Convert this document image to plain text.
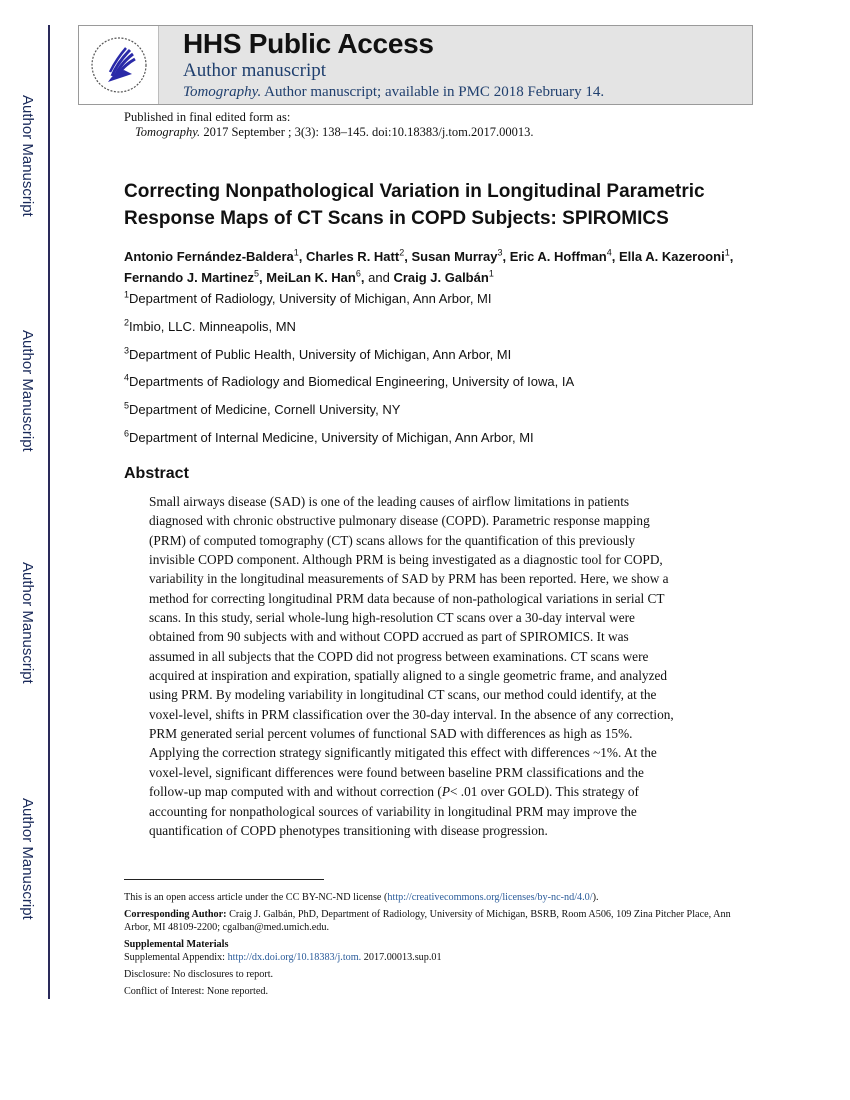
Author Manuscript
Author Manuscript
Author Manuscript
Author Manuscript
HHS Public Access
Author manuscript
Tomography. Author manuscript; available in PMC 2018 February 14.
Published in final edited form as:
Tomography. 2017 September ; 3(3): 138–145. doi:10.18383/j.tom.2017.00013.
Correcting Nonpathological Variation in Longitudinal Parametric
Response Maps of CT Scans in COPD Subjects: SPIROMICS
Antonio Fernández-Baldera$^1$, Charles R. Hatt$^2$, Susan Murray$^3$, Eric A. Hoffman$^4$, Ella A. Kazerooni$^1$, Fernando J. Martinez$^5$, MeiLan K. Han$^6$, and Craig J. Galbán$^1$
$^1$Department of Radiology, University of Michigan, Ann Arbor, MI
$^2$Imbio, LLC. Minneapolis, MN
$^3$Department of Public Health, University of Michigan, Ann Arbor, MI
$^4$Departments of Radiology and Biomedical Engineering, University of Iowa, IA
$^5$Department of Medicine, Cornell University, NY
$^6$Department of Internal Medicine, University of Michigan, Ann Arbor, MI
Abstract
Small airways disease (SAD) is one of the leading causes of airflow limitations in patients
diagnosed with chronic obstructive pulmonary disease (COPD). Parametric response mapping
(PRM) of computed tomography (CT) scans allows for the quantification of this previously
invisible COPD component. Although PRM is being investigated as a diagnostic tool for COPD,
variability in the longitudinal measurements of SAD by PRM has been reported. Here, we show a
method for correcting longitudinal PRM data because of non-pathological variations in serial CT
scans. In this study, serial whole-lung high-resolution CT scans over a 30-day interval were
obtained from 90 subjects with and without COPD accrued as part of SPIROMICS. It was
assumed in all subjects that the COPD did not progress between examinations. CT scans were
acquired at inspiration and expiration, spatially aligned to a single geometric frame, and analyzed
using PRM. By modeling variability in longitudinal CT scans, our method could identify, at the
voxel-level, shifts in PRM classification over the 30-day interval. In the absence of any correction,
PRM generated serial percent volumes of functional SAD with differences as high as 15%.
Applying the correction strategy significantly mitigated this effect with differences ~1%. At the
voxel-level, significant differences were found between baseline PRM classifications and the
follow-up map computed with and without correction (P< .01 over GOLD). This strategy of
accounting for nonpathological sources of variability in longitudinal PRM may improve the
quantification of COPD phenotypes transitioning with disease progression.
This is an open access article under the CC BY-NC-ND license (http://creativecommons.org/licenses/by-nc-nd/4.0/).
Corresponding Author: Craig J. Galbán, PhD, Department of Radiology, University of Michigan, BSRB, Room A506, 109 Zina Pitcher Place, Ann Arbor, MI 48109-2200; cgalban@med.umich.edu.
Supplemental Materials
Supplemental Appendix: http://dx.doi.org/10.18383/j.tom. 2017.00013.sup.01
Disclosure: No disclosures to report.
Conflict of Interest: None reported.
